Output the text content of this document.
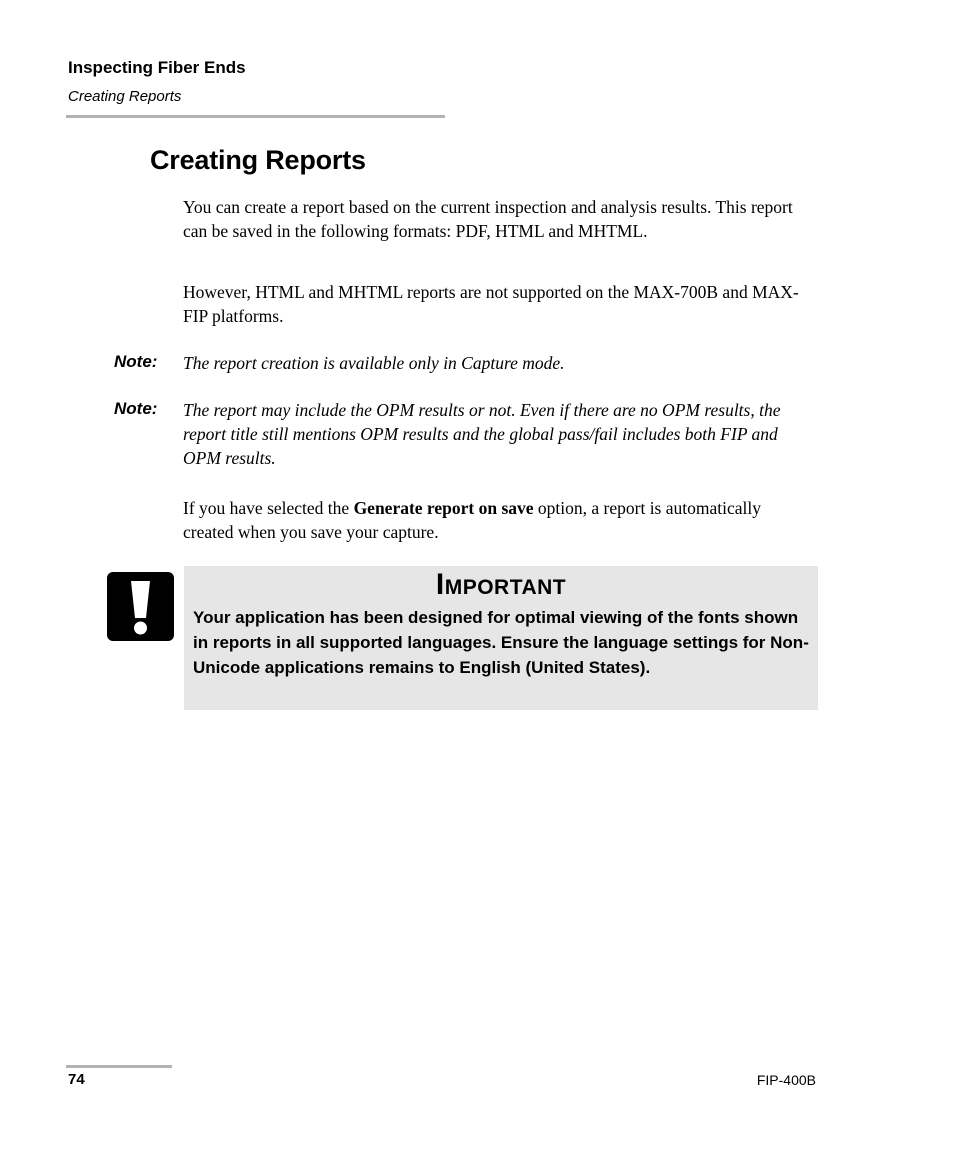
Inspecting Fiber Ends
Creating Reports
Creating Reports

You can create a report based on the current inspection and analysis results. This report can be saved in the following formats: PDF, HTML and MHTML.

However, HTML and MHTML reports are not supported on the MAX-700B and MAX-FIP platforms.

Note: The report creation is available only in Capture mode.

Note: The report may include the OPM results or not. Even if there are no OPM results, the report title still mentions OPM results and the global pass/fail includes both FIP and OPM results.

If you have selected the Generate report on save option, a report is automatically created when you save your capture.

Important

Your application has been designed for optimal viewing of the fonts shown in reports in all supported languages. Ensure the language settings for Non-Unicode applications remains to English (United States).

74	FIP-400B
